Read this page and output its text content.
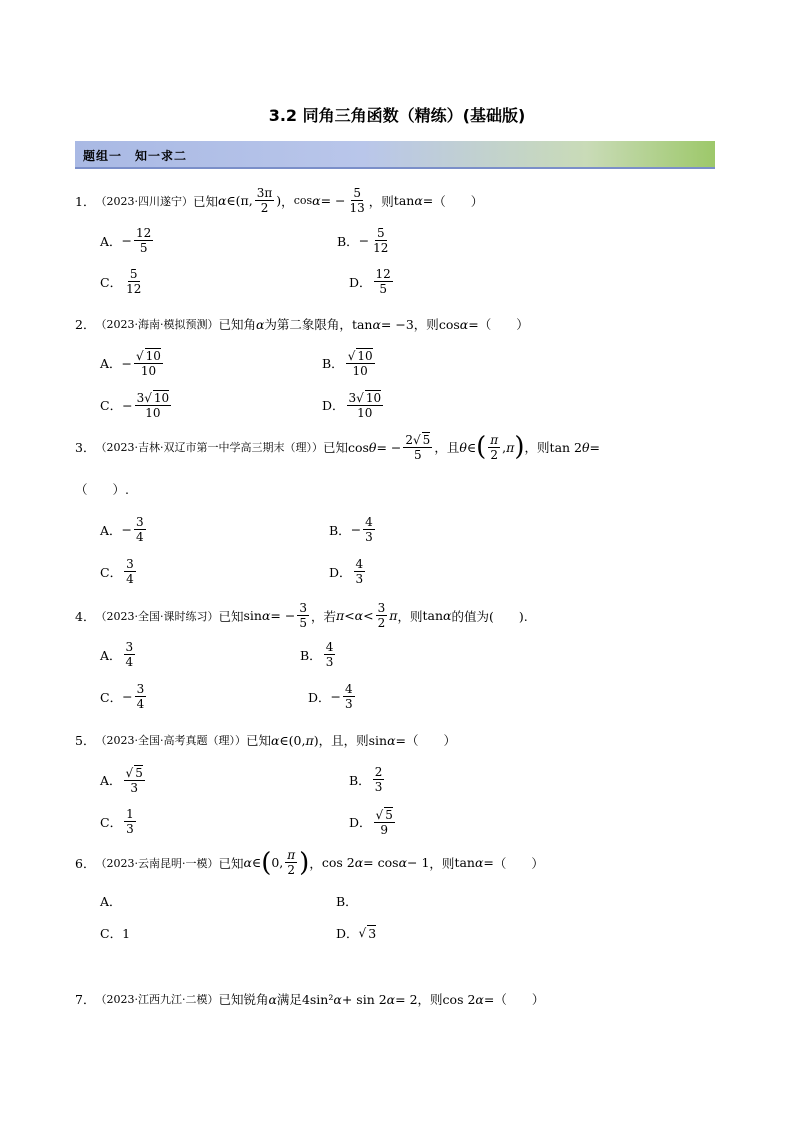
3.2 同角三角函数（精练）(基础版)
题组一　知一求二
1． （2023·四川遂宁） 已知 α ∈(π, $\frac{3\pi}{2}$ ) ， cos α = − $\frac{5}{13}$ ，则 tan α = （　　）
A． − $\frac{12}{5}$	B． − $\frac{5}{12}$
C． $\frac{5}{12}$	D． $\frac{12}{5}$
2． （2023·海南·模拟预测） 已知角 α 为第二象限角， tan α = −3 ，则 cos α = （　　）
A． − $\frac{√ 10}{10}$	B． $\frac{√ 10}{10}$
C． − $\frac{3√ 10}{10}$	D． $\frac{3√ 10}{10}$
3． （2023·吉林·双辽市第一中学高三期末（理）） 已知 cos θ = − $\frac{2√ 5}{5}$ ，且 θ ∈ ( $\frac{\pi}{2}$ , π ) ，则 tan 2 θ =
（　　）.
A． − $\frac{3}{4}$	B． − $\frac{4}{3}$
C． $\frac{3}{4}$	D． $\frac{4}{3}$
4． （2023·全国·课时练习） 已知 sin α = − $\frac{3}{5}$ ，若 $\pi < \alpha < \frac{3}{2}$ π ，则 tan α 的值为(　　).
A． $\frac{3}{4}$	B． $\frac{4}{3}$
C． − $\frac{3}{4}$	D． − $\frac{4}{3}$
5． （2023·全国·高考真题（理）） 已知 α ∈(0, π ) ，且，则 sin α = （　　）
A． $\frac{√ 5}{3}$	B． $\frac{2}{3}$
C． $\frac{1}{3}$	D． $\frac{√ 5}{9}$
6． （2023·云南昆明·一模） 已知 α ∈ ( 0, $\frac{\pi}{2}$ ) ， cos 2 α = cos α − 1 ，则 tan α = （　　）
A．	B．
C． 1	D． √ 3
7． （2023·江西九江·二模） 已知锐角 α 满足 4sin² α + sin 2 α = 2 ，则 cos 2 α = （　　）
